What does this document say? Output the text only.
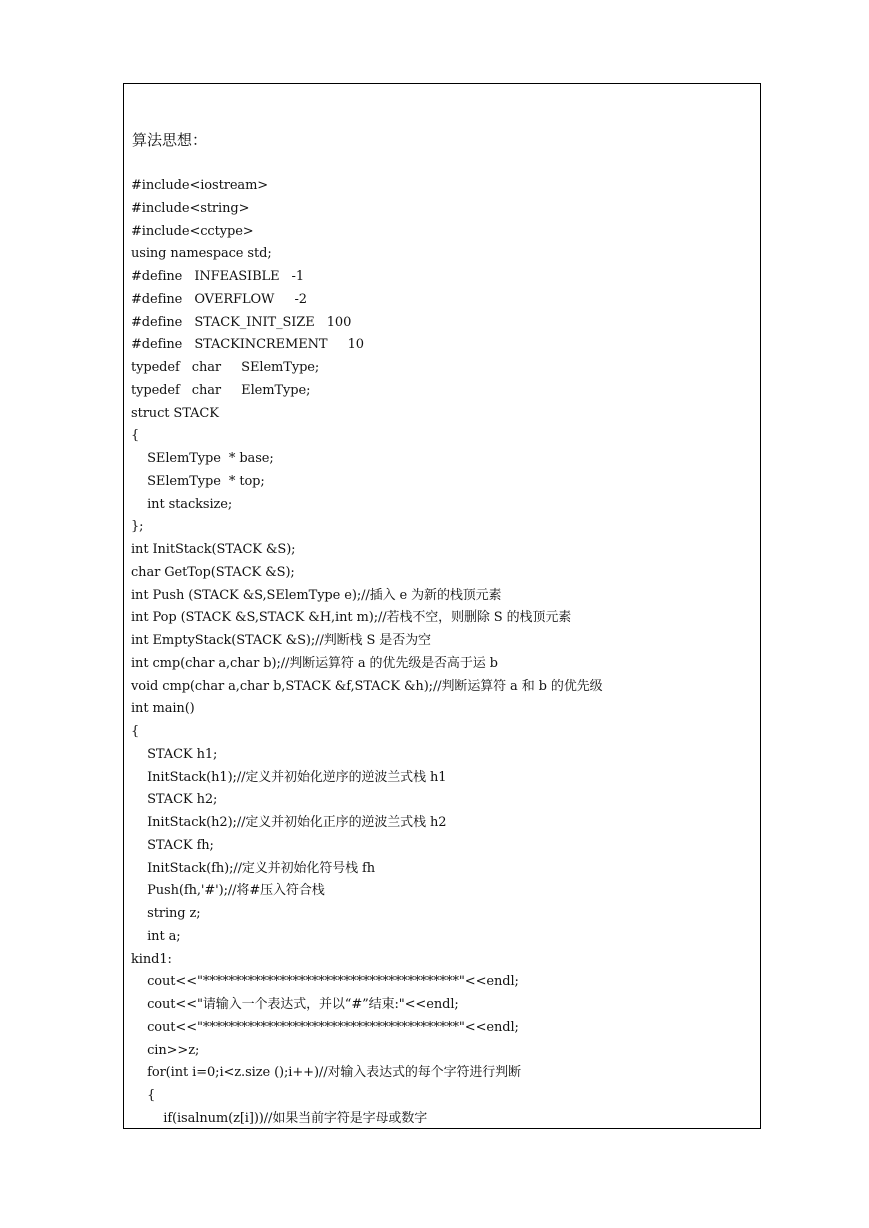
算法思想：
#include<iostream>
#include<string>
#include<cctype>
using namespace std;
#define   INFEASIBLE   -1
#define   OVERFLOW     -2
#define   STACK_INIT_SIZE   100
#define   STACKINCREMENT     10
typedef   char     SElemType;
typedef   char     ElemType;
struct STACK
{
SElemType  * base;
SElemType  * top;
int stacksize;
};
int InitStack(STACK &S);
char GetTop(STACK &S);
int Push (STACK &S,SElemType e);//插入 e 为新的栈顶元素
int Pop (STACK &S,STACK &H,int m);//若栈不空，则删除 S 的栈顶元素
int EmptyStack(STACK &S);//判断栈 S 是否为空
int cmp(char a,char b);//判断运算符 a 的优先级是否高于运 b
void cmp(char a,char b,STACK &f,STACK &h);//判断运算符 a 和 b 的优先级
int main()
{
STACK h1;
InitStack(h1);//定义并初始化逆序的逆波兰式栈 h1
STACK h2;
InitStack(h2);//定义并初始化正序的逆波兰式栈 h2
STACK fh;
InitStack(fh);//定义并初始化符号栈 fh
Push(fh,'#');//将#压入符合栈
string z;
int a;
kind1:
cout<<"****************************************"<<endl;
cout<<"请输入一个表达式，并以“#”结束:"<<endl;
cout<<"****************************************"<<endl;
cin>>z;
for(int i=0;i<z.size ();i++)//对输入表达式的每个字符进行判断
{
if(isalnum(z[i]))//如果当前字符是字母或数字
